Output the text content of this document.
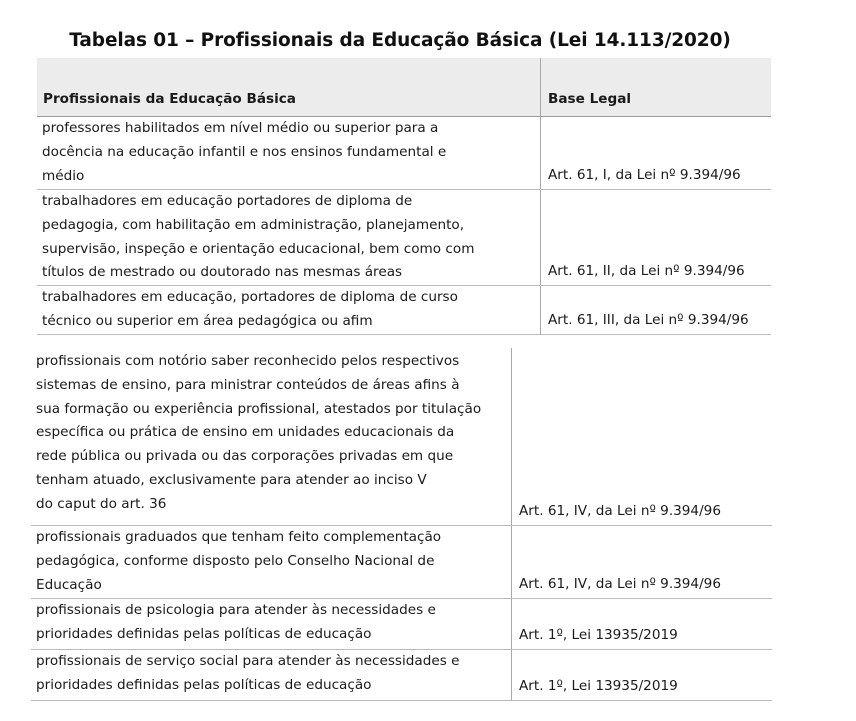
Tabelas 01 – Profissionais da Educação Básica (Lei 14.113/2020)
Profissionais da Educação Básica	Base Legal
professores habilitados em nível médio ou superior para a
docência na educação infantil e nos ensinos fundamental e
médio	Art. 61, I, da Lei nº 9.394/96
trabalhadores em educação portadores de diploma de
pedagogia, com habilitação em administração, planejamento,
supervisão, inspeção e orientação educacional, bem como com
títulos de mestrado ou doutorado nas mesmas áreas	Art. 61, II, da Lei nº 9.394/96
trabalhadores em educação, portadores de diploma de curso
técnico ou superior em área pedagógica ou afim	Art. 61, III, da Lei nº 9.394/96
profissionais com notório saber reconhecido pelos respectivos
sistemas de ensino, para ministrar conteúdos de áreas afins à
sua formação ou experiência profissional, atestados por titulação
específica ou prática de ensino em unidades educacionais da
rede pública ou privada ou das corporações privadas em que
tenham atuado, exclusivamente para atender ao inciso V
do caput do art. 36	Art. 61, IV, da Lei nº 9.394/96
profissionais graduados que tenham feito complementação
pedagógica, conforme disposto pelo Conselho Nacional de
Educação	Art. 61, IV, da Lei nº 9.394/96
profissionais de psicologia para atender às necessidades e
prioridades definidas pelas políticas de educação	Art. 1º, Lei 13935/2019
profissionais de serviço social para atender às necessidades e
prioridades definidas pelas políticas de educação	Art. 1º, Lei 13935/2019
